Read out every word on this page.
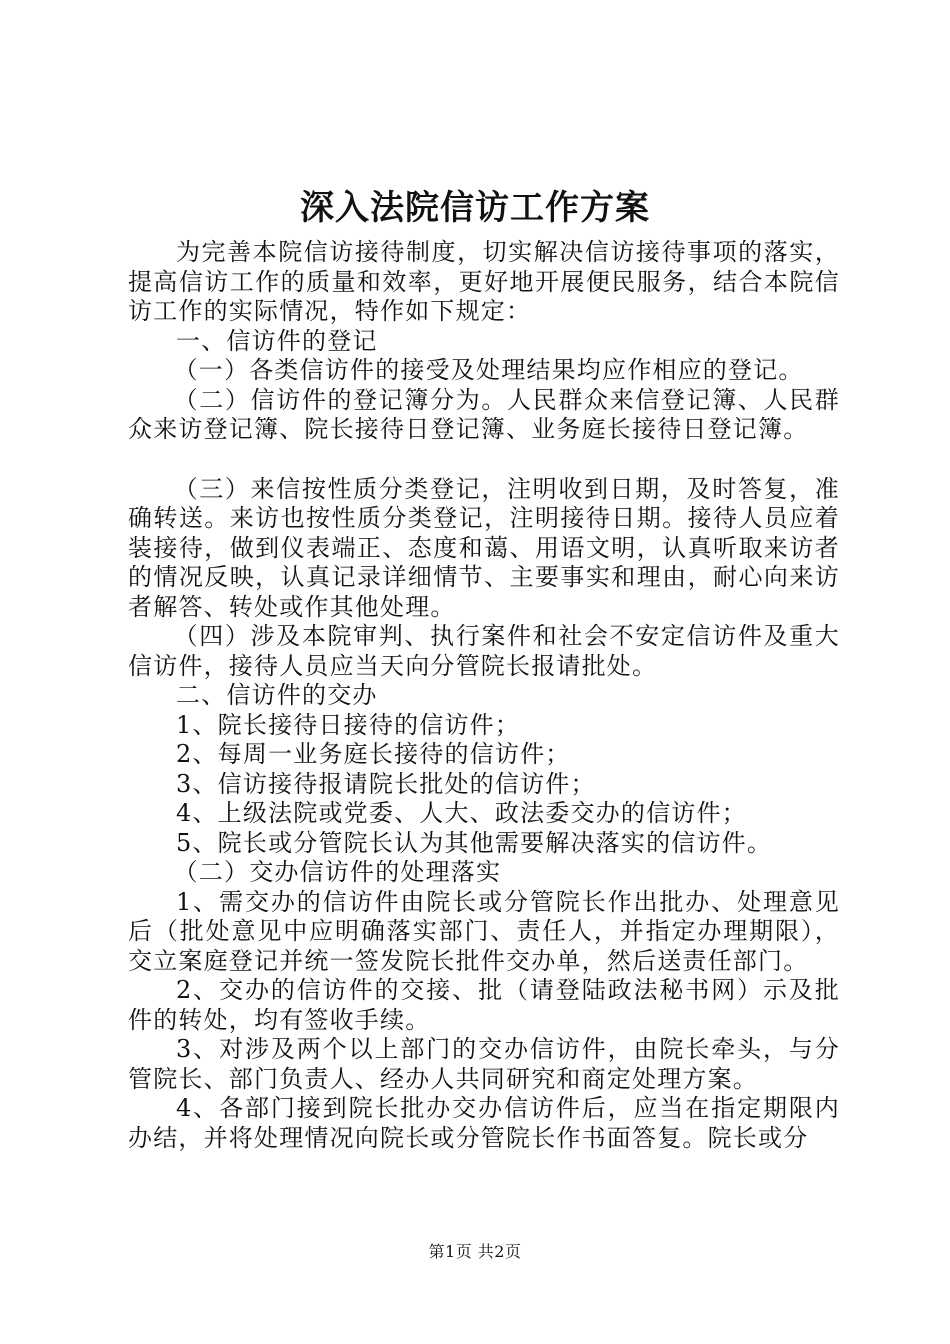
深入法院信访工作方案

为完善本院信访接待制度，切实解决信访接待事项的落实，提高信访工作的质量和效率，更好地开展便民服务，结合本院信访工作的实际情况，特作如下规定：

一、信访件的登记

（一）各类信访件的接受及处理结果均应作相应的登记。

（二）信访件的登记簿分为。人民群众来信登记簿、人民群众来访登记簿、院长接待日登记簿、业务庭长接待日登记簿。

（三）来信按性质分类登记，注明收到日期，及时答复，准确转送。来访也按性质分类登记，注明接待日期。接待人员应着装接待，做到仪表端正、态度和蔼、用语文明，认真听取来访者的情况反映，认真记录详细情节、主要事实和理由，耐心向来访者解答、转处或作其他处理。

（四）涉及本院审判、执行案件和社会不安定信访件及重大信访件，接待人员应当天向分管院长报请批处。

二、信访件的交办

1、院长接待日接待的信访件；

2、每周一业务庭长接待的信访件；

3、信访接待报请院长批处的信访件；

4、上级法院或党委、人大、政法委交办的信访件；

5、院长或分管院长认为其他需要解决落实的信访件。

（二）交办信访件的处理落实

1、需交办的信访件由院长或分管院长作出批办、处理意见后（批处意见中应明确落实部门、责任人，并指定办理期限），交立案庭登记并统一签发院长批件交办单，然后送责任部门。

2、交办的信访件的交接、批（请登陆政法秘书网）示及批件的转处，均有签收手续。

3、对涉及两个以上部门的交办信访件，由院长牵头，与分管院长、部门负责人、经办人共同研究和商定处理方案。

4、各部门接到院长批办交办信访件后，应当在指定期限内办结，并将处理情况向院长或分管院长作书面答复。院长或分

第1页 共2页
